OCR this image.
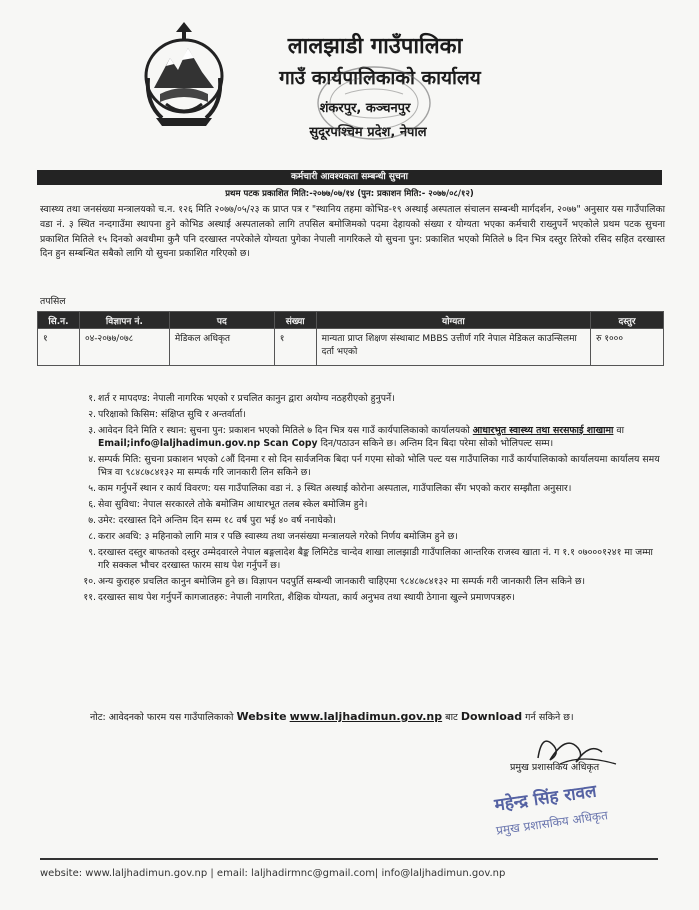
लालझाडी गाउँपालिका
गाउँ कार्यपालिकाको कार्यालय
शंकरपुर, कञ्चनपुर
सुदूरपश्चिम प्रदेश, नेपाल
कर्मचारी आवश्यकता सम्बन्धी सुचना
प्रथम पटक प्रकाशित मिति:-२०७७/०७/१४ (पुन: प्रकाशन मिति:- २०७७/०८/१२)
स्वास्थ्य तथा जनसंख्या मन्त्रालयको च.न. १२६ मिति २०७७/०५/२३ क प्राप्त पत्र र "स्थानिय तहमा कोभिड-१९ अस्थाई अस्पताल संचालन सम्बन्धी मार्गदर्शन, २०७७" अनुसार यस गाउँपालिका वडा नं. ३ स्थित नन्दगाउँमा स्थापना हुने कोभिड अस्थाई अस्पतालको लागि तपसिल बमोजिमको पदमा देहायको संख्या र योग्यता भएका कर्मचारी राख्नुपर्ने भएकोले प्रथम पटक सुचना प्रकाशित मितिले १५ दिनको अवधीमा कुनै पनि दरखास्त नपरेकोले योग्यता पुगेका नेपाली नागरिकले यो सुचना पुन: प्रकाशित भएको मितिले ७ दिन भित्र दस्तुर तिरेको रसिद सहित दरखास्त दिन हुन सम्बन्धित सबैको लागि यो सुचना प्रकाशित गरिएको छ।
तपसिल
सि.न.	विज्ञापन नं.	पद	संख्या	योग्यता	दस्तुर
१	०४-२०७७/०७८	मेडिकल अधिकृत	१	मान्यता प्राप्त शिक्षण संस्थाबाट MBBS उत्तीर्ण गरि नेपाल मेडिकल काउन्सिलमा दर्ता भएको	रु १०००
१. शर्त र मापदण्ड: नेपाली नागरिक भएको र प्रचलित कानुन द्वारा अयोग्य नठहरीएको हुनुपर्ने।
२. परिक्षाको किसिम: संक्षिप्त सुचि र अन्तर्वार्ता।
३. आवेदन दिने मिति र स्थान: सुचना पुन: प्रकाशन भएको मितिले ७ दिन भित्र यस गाउँ कार्यपालिकाको कार्यालयको आधारभुत स्वास्थ्य तथा सरसफाई शाखामा वा Email;info@laljhadimun.gov.np Scan Copy दिन/पठाउन सकिने छ। अन्तिम दिन बिदा परेमा सोको भोलिपल्ट सम्म।
४. सम्पर्क मिति: सुचना प्रकाशन भएको ८औं दिनमा र सो दिन सार्वजनिक बिदा पर्न गएमा सोको भोलि पल्ट यस गाउँपालिका गाउँ कार्यपालिकाको कार्यालयमा कार्यालय समय भित्र वा ९८४८७८४१३२ मा सम्पर्क गरि जानकारी लिन सकिने छ।
५. काम गर्नुपर्ने स्थान र कार्य विवरण: यस गाउँपालिका वडा नं. ३ स्थित अस्थाई कोरोना अस्पताल, गाउँपालिका सँग भएको करार सम्झौता अनुसार।
६. सेवा सुविधा: नेपाल सरकारले तोके बमोजिम आधारभूत तलब स्केल बमोजिम हुने।
७. उमेर: दरखास्त दिने अन्तिम दिन सम्म १८ वर्ष पुरा भई ४० वर्ष ननाघेको।
८. करार अवधि: ३ महिनाको लागि मात्र र पछि स्वास्थ्य तथा जनसंख्या मन्त्रालयले गरेको निर्णय बमोजिम हुने छ।
९. दरखास्त दस्तुर बाफतको दस्तुर उम्मेदवारले नेपाल बङ्गलादेश बैङ्क लिमिटेड चान्देव शाखा लालझाडी गाउँपालिका आन्तरिक राजस्व खाता नं. ग १.१ ०७०००१२४१ मा जम्मा गरि सक्कल भौचर दरखास्त फारम साथ पेश गर्नुपर्ने छ।
१०. अन्य कुराहरु प्रचलित कानुन बमोजिम हुने छ। विज्ञापन पदपुर्ति सम्बन्धी जानकारी चाहिएमा ९८४८७८४१३२ मा सम्पर्क गरी जानकारी लिन सकिने छ।
११. दरखास्त साथ पेश गर्नुपर्ने कागजातहरु: नेपाली नागरिता, शैक्षिक योग्यता, कार्य अनुभव तथा स्थायी ठेगाना खुल्ने प्रमाणपत्रहरु।
नोट: आवेदनको फारम यस गाउँपालिकाको Website www.laljhadimun.gov.np बाट Download गर्न सकिने छ।
प्रमुख प्रशासकिय अधिकृत
महेन्द्र सिंह रावल
प्रमुख प्रशासकिय अधिकृत
website: www.laljhadimun.gov.np | email: laljhadirmnc@gmail.com| info@laljhadimun.gov.np
